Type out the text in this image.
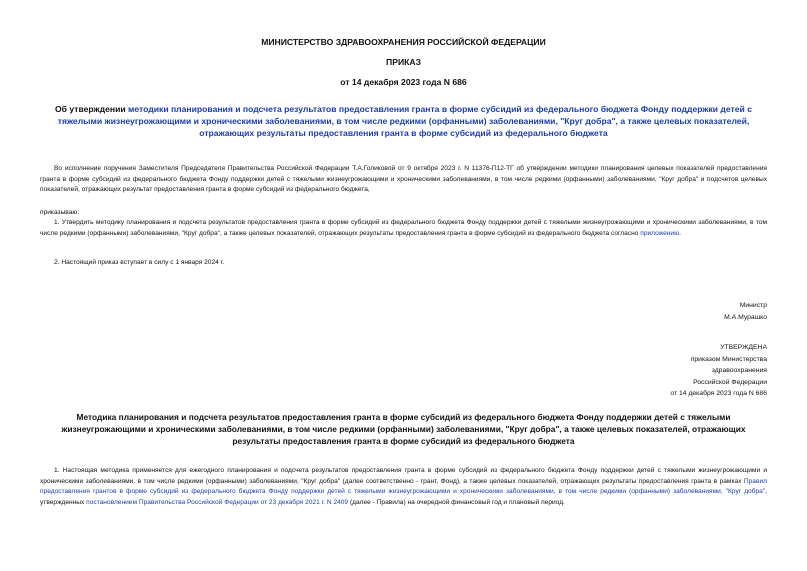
МИНИСТЕРСТВО ЗДРАВООХРАНЕНИЯ РОССИЙСКОЙ ФЕДЕРАЦИИ
ПРИКАЗ
от 14 декабря 2023 года N 686
Об утверждении методики планирования и подсчета результатов предоставления гранта в форме субсидий из федерального бюджета Фонду поддержки детей с тяжелыми жизнеугрожающими и хроническими заболеваниями, в том числе редкими (орфанными) заболеваниями, "Круг добра", а также целевых показателей, отражающих результаты предоставления гранта в форме субсидий из федерального бюджета
Во исполнение поручения Заместителя Председателя Правительства Российской Федерации Т.А.Голиковой от 9 октября 2023 г. N 11376-П12-ТГ об утверждении методики планирования целевых показателей предоставления гранта в форме субсидий из федерального бюджета Фонду поддержки детей с тяжелыми жизнеугрожающими и хроническими заболеваниями, в том числе редкими (орфанными) заболеваниями, "Круг добра" и подсчетов целевых показателей, отражающих результат предоставления гранта в форме субсидий из федерального бюджета,
приказываю:
1. Утвердить методику планирования и подсчета результатов предоставления гранта в форме субсидий из федерального бюджета Фонду поддержки детей с тяжелыми жизнеугрожающими и хроническими заболеваниями, в том числе редкими (орфанными) заболеваниями, "Круг добра", а также целевых показателей, отражающих результаты предоставления гранта в форме субсидий из федерального бюджета согласно приложению.
2. Настоящий приказ вступает в силу с 1 января 2024 г.
Министр
М.А.Мурашко
УТВЕРЖДЕНА
приказом Министерства
здравоохранения
Российской Федерации
от 14 декабря 2023 года N 686
Методика планирования и подсчета результатов предоставления гранта в форме субсидий из федерального бюджета Фонду поддержки детей с тяжелыми жизнеугрожающими и хроническими заболеваниями, в том числе редкими (орфанными) заболеваниями, "Круг добра", а также целевых показателей, отражающих результаты предоставления гранта в форме субсидий из федерального бюджета
1. Настоящая методика применяется для ежегодного планирования и подсчета результатов предоставления гранта в форме субсидий из федерального бюджета Фонду поддержки детей с тяжелыми жизнеугрожающими и хроническими заболеваниями, в том числе редкими (орфанными) заболеваниями, "Круг добра" (далее соответственно - грант, Фонд), а также целевых показателей, отражающих результаты предоставления гранта в рамках Правил предоставления грантов в форме субсидий из федерального бюджета Фонду поддержки детей с тяжелыми жизнеугрожающими и хроническими заболеваниями, в том числе редкими (орфанными) заболеваниями, "Круг добра", утвержденных постановлением Правительства Российской Федерации от 23 декабря 2021 г. N 2409 (далее - Правила) на очередной финансовый год и плановый период.
